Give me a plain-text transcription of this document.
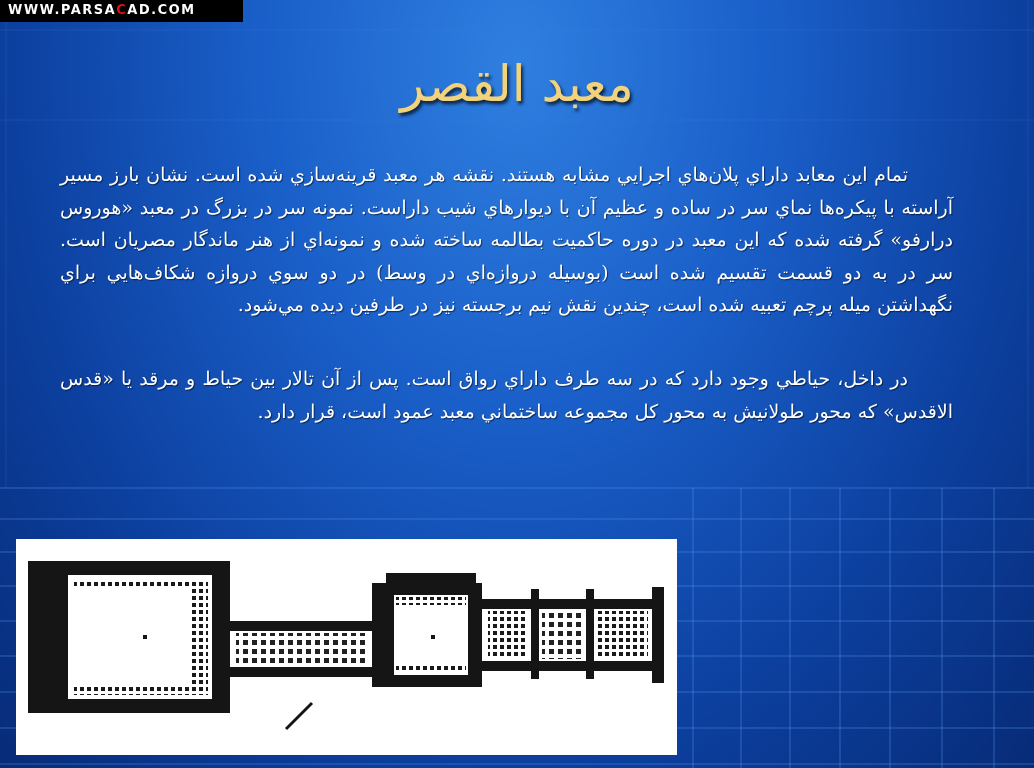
WWW.PARSACAD.COM
معبد القصر

تمام اين معابد داراي پلان‌هاي اجرايي مشابه هستند. نقشه هر معبد قرينه‌سازي شده است. نشان بارز مسير آراسته با پيكره‌ها نماي سر در ساده و عظيم آن با ديوارهاي شيب داراست. نمونه سر در بزرگ در معبد «هوروس درارفو» گرفته شده كه اين معبد در دوره حاكميت بطالمه ساخته شده و نمونه‌اي از هنر ماندگار مصريان است. سر در به دو قسمت تقسيم شده است (بوسيله دروازه‌اي در وسط) در دو سوي دروازه شكاف‌هايي براي نگهداشتن ميله پرچم تعبيه شده است، چندين نقش نيم برجسته نيز در طرفين ديده مي‌شود.

در داخل، حياطي وجود دارد كه در سه طرف داراي رواق است. پس از آن تالار بين حياط و مرقد يا «قدس الاقدس» كه محور طولانيش به محور كل مجموعه ساختماني معبد عمود است، قرار دارد.
